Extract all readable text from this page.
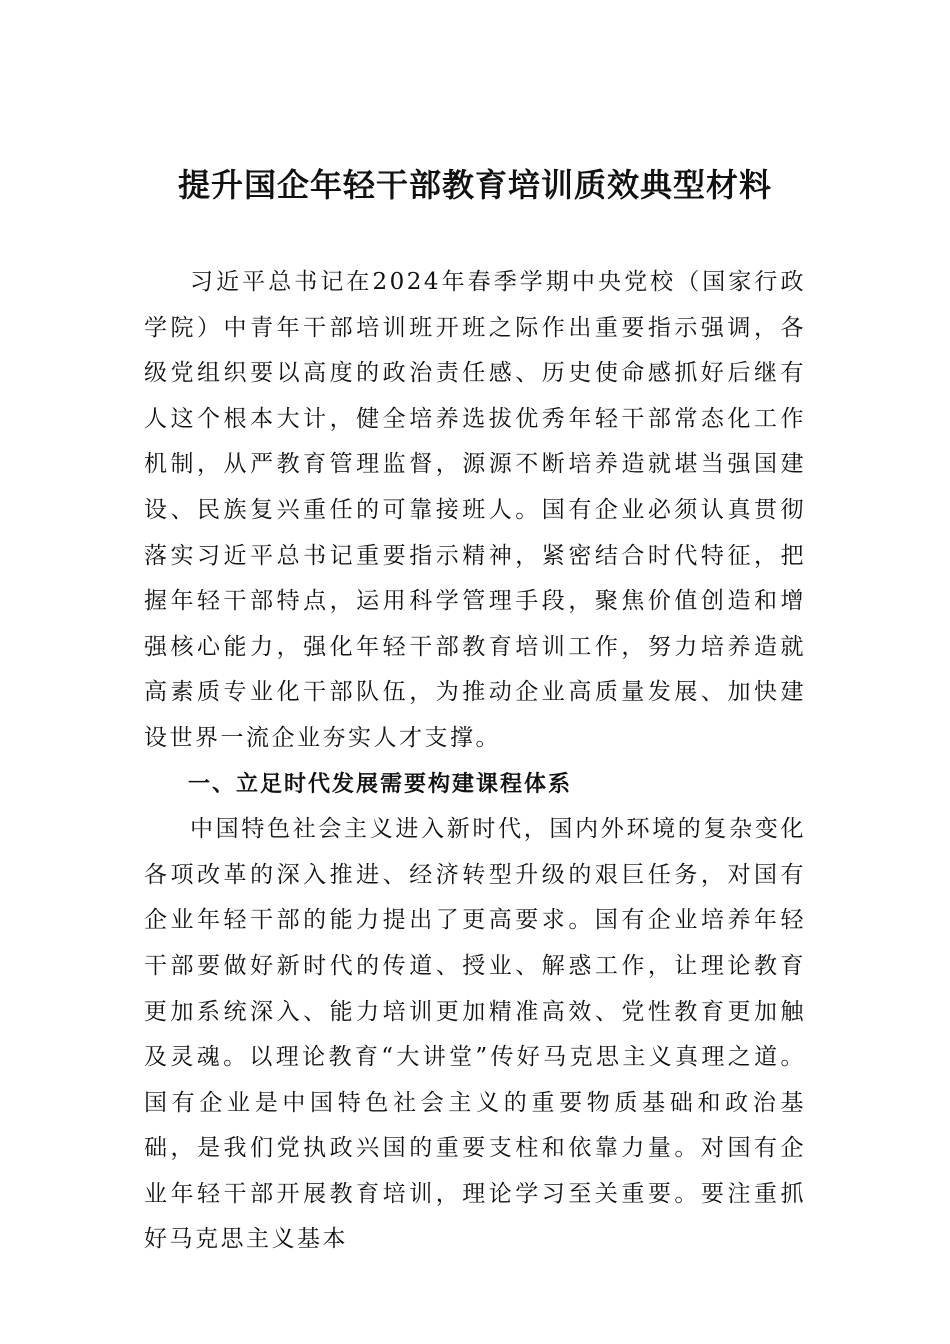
提升国企年轻干部教育培训质效典型材料

习近平总书记在2024年春季学期中央党校（国家行政学院）中青年干部培训班开班之际作出重要指示强调，各级党组织要以高度的政治责任感、历史使命感抓好后继有人这个根本大计，健全培养选拔优秀年轻干部常态化工作机制，从严教育管理监督，源源不断培养造就堪当强国建设、民族复兴重任的可靠接班人。国有企业必须认真贯彻落实习近平总书记重要指示精神，紧密结合时代特征，把握年轻干部特点，运用科学管理手段，聚焦价值创造和增强核心能力，强化年轻干部教育培训工作，努力培养造就高素质专业化干部队伍，为推动企业高质量发展、加快建设世界一流企业夯实人才支撑。

一、立足时代发展需要构建课程体系

中国特色社会主义进入新时代，国内外环境的复杂变化各项改革的深入推进、经济转型升级的艰巨任务，对国有企业年轻干部的能力提出了更高要求。国有企业培养年轻干部要做好新时代的传道、授业、解惑工作，让理论教育更加系统深入、能力培训更加精准高效、党性教育更加触及灵魂。以理论教育“大讲堂”传好马克思主义真理之道。国有企业是中国特色社会主义的重要物质基础和政治基础，是我们党执政兴国的重要支柱和依靠力量。对国有企业年轻干部开展教育培训，理论学习至关重要。要注重抓好马克思主义基本
